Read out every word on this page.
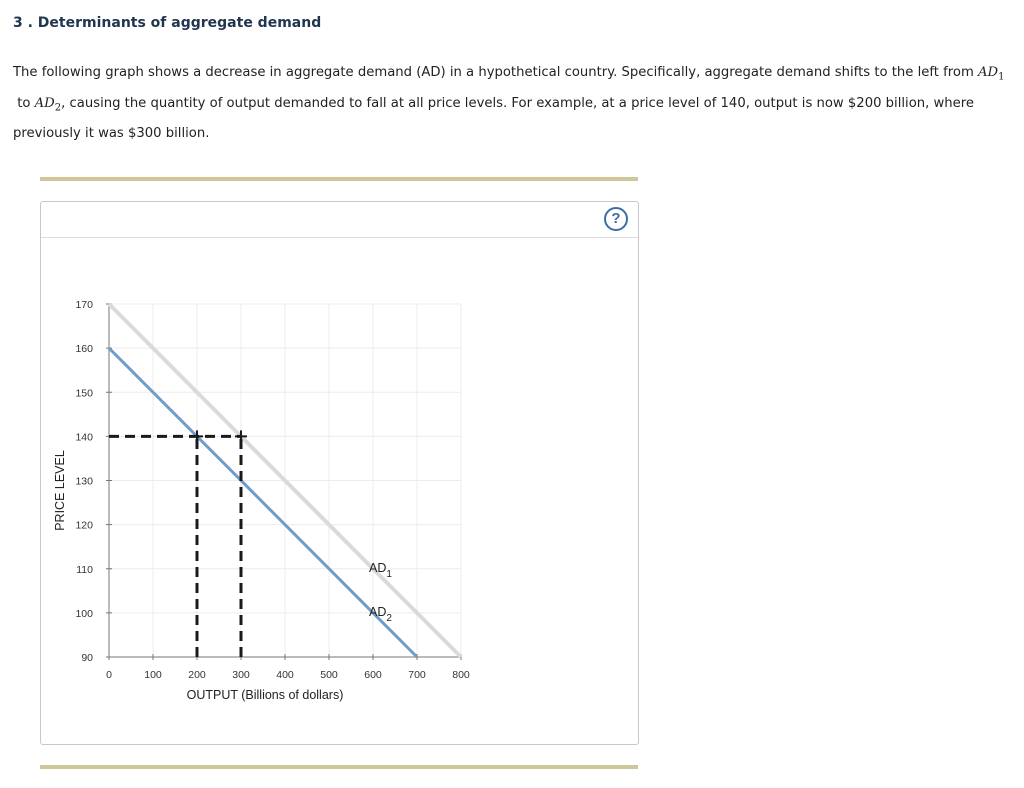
3 . Determinants of aggregate demand
The following graph shows a decrease in aggregate demand (AD) in a hypothetical country. Specifically, aggregate demand shifts to the left from $AD_1$
to $AD_2$, causing the quantity of output demanded to fall at all price levels. For example, at a price level of 140, output is now $200 billion, where
previously it was $300 billion.
?
0	100	200	300	400	500	600	700	800
90
100
110
120
130
140
150
160
170
OUTPUT (Billions of dollars)
PRICE LEVEL
$AD_1$
$AD_2$
